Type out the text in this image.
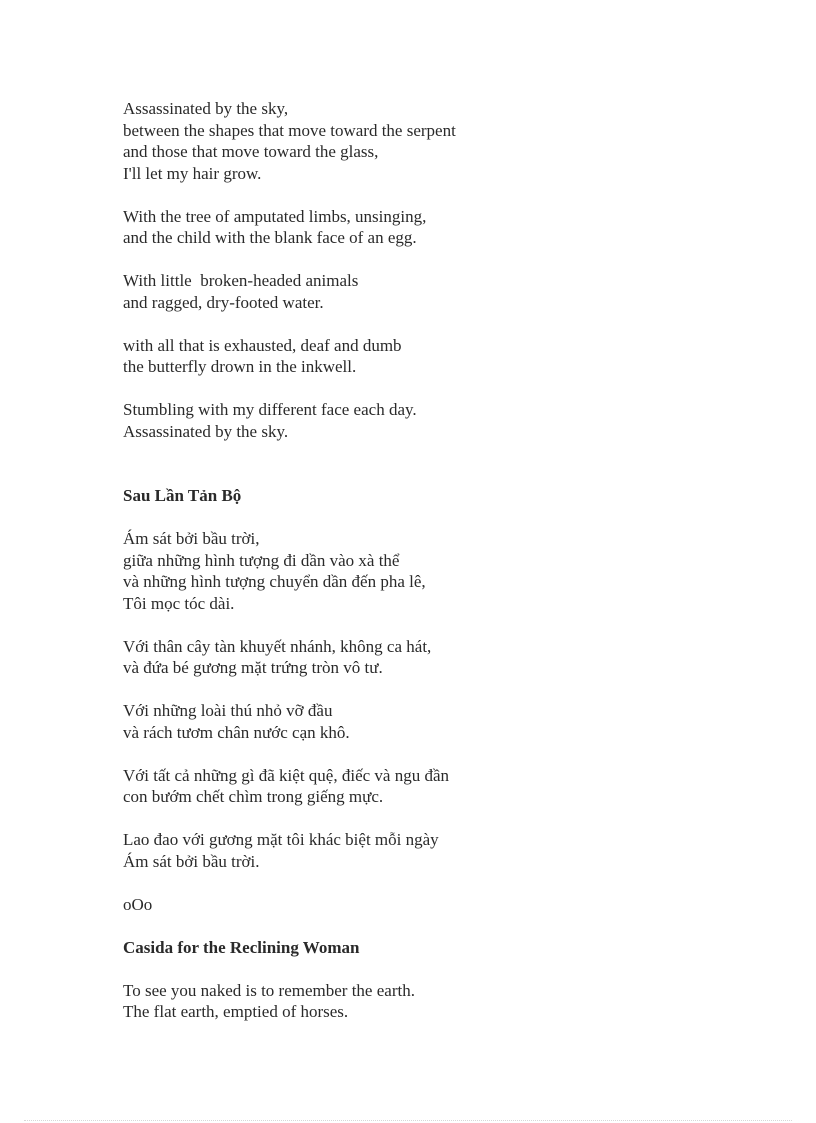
Assassinated by the sky,
between the shapes that move toward the serpent
and those that move toward the glass,
I'll let my hair grow.
With the tree of amputated limbs, unsinging,
and the child with the blank face of an egg.
With little  broken-headed animals
and ragged, dry-footed water.
with all that is exhausted, deaf and dumb
the butterfly drown in the inkwell.
Stumbling with my different face each day.
Assassinated by the sky.
Sau Lần Tản Bộ
Ám sát bởi bầu trời,
giữa những hình tượng đi dần vào xà thể
và những hình tượng chuyển dần đến pha lê,
Tôi mọc tóc dài.
Với thân cây tàn khuyết nhánh, không ca hát,
và đứa bé gương mặt trứng tròn vô tư.
Với những loài thú nhỏ vỡ đầu
và rách tươm chân nước cạn khô.
Với tất cả những gì đã kiệt quệ, điếc và ngu đần
con bướm chết chìm trong giếng mực.
Lao đao với gương mặt tôi khác biệt mỗi ngày
Ám sát bởi bầu trời.
oOo
Casida for the Reclining Woman
To see you naked is to remember the earth.
The flat earth, emptied of horses.
